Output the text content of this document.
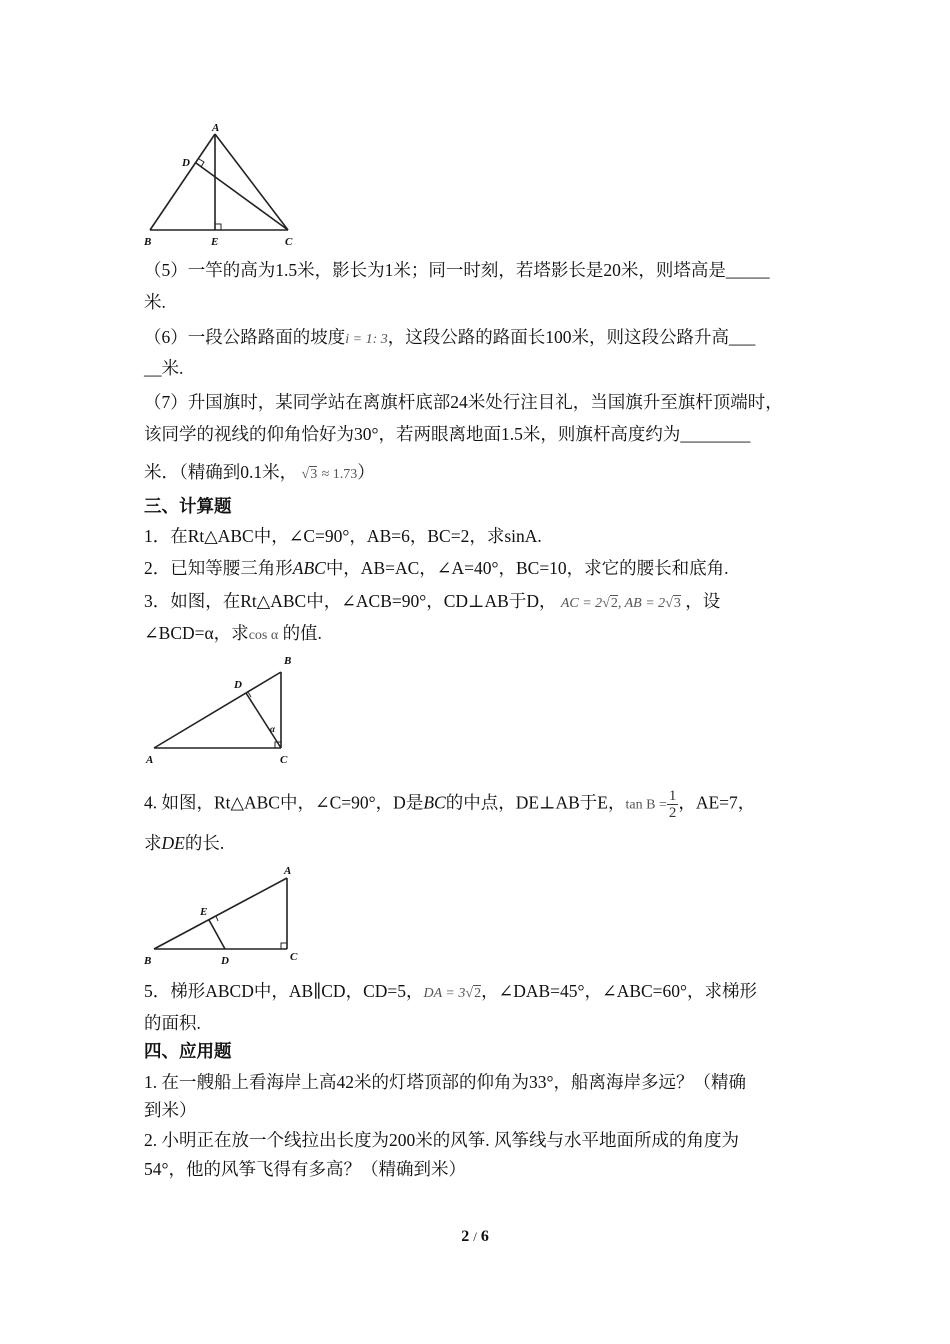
A
D
B	E	C
（5）一竿的高为1.5米，影长为1米；同一时刻，若塔影长是20米，则塔高是_____
米.
（6）一段公路路面的坡度i = 1: 3，这段公路的路面长100米，则这段公路升高___
__米.
（7）升国旗时，某同学站在离旗杆底部24米处行注目礼，当国旗升至旗杆顶端时，
该同学的视线的仰角恰好为30°，若两眼离地面1.5米，则旗杆高度约为________
米．（精确到0.1米， √3 ≈ 1.73）
三、计算题
1．在Rt△ABC中，∠C=90°，AB=6，BC=2，求sinA.
2．已知等腰三角形ABC中，AB=AC，∠A=40°，BC=10，求它的腰长和底角.
3．如图，在Rt△ABC中，∠ACB=90°，CD⊥AB于D， AC = 2√2, AB = 2√3 ，设
∠BCD=α，求cos α 的值.
B
D
α
A	C
4. 如图，Rt△ABC中，∠C=90°，D是BC的中点，DE⊥AB于E，$\tan B = \frac{1}{2}$ ，AE=7，
求DE的长.
A
E
B	D	C
5．梯形ABCD中，AB∥CD，CD=5，DA = 3√2，∠DAB=45°，∠ABC=60°，求梯形
的面积.
四、应用题
1. 在一艘船上看海岸上高42米的灯塔顶部的仰角为33°，船离海岸多远？（精确
到米）
2. 小明正在放一个线拉出长度为200米的风筝. 风筝线与水平地面所成的角度为
54°，他的风筝飞得有多高？（精确到米）
2 / 6
